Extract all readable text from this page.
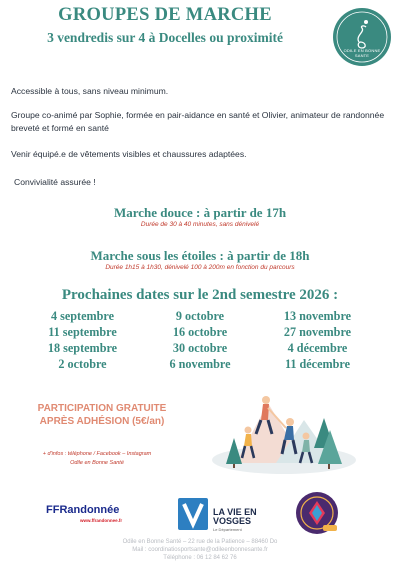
GROUPES DE MARCHE
3 vendredis sur 4 à Docelles ou proximité
ODILE EN BONNE SANTE
Accessible à tous, sans niveau minimum.
Groupe co-animé par Sophie, formée en pair-aidance en santé et Olivier, animateur de randonnée breveté et formé en santé
Venir équipé.e de vêtements visibles et chaussures adaptées.
Convivialité assurée !
Marche douce : à partir de 17h
Durée de 30 à 40 minutes, sans dénivelé
Marche sous les étoiles : à partir de 18h
Durée 1h15 à 1h30, dénivelé 100 à 200m en fonction du parcours
Prochaines dates sur le 2nd semestre 2026 :
4 septembre	9 octobre	13 novembre
11 septembre	16 octobre	27 novembre
18 septembre	30 octobre	4 décembre
2 octobre	6 novembre	11 décembre
PARTICIPATION GRATUITE
APRÈS ADHÉSION (5€/an)
+ d'infos : téléphone / Facebook – Instagram
Odile en Bonne Santé
FFRandonnée
www.ffrandonnee.fr
LA VIE EN
VOSGES
Le Département
Odile en Bonne Santé – 22 rue de la Patience – 88460 Do
Mail : coordinatiosportsante@odileenbonnesante.fr
Téléphone : 06 12 84 62 76
